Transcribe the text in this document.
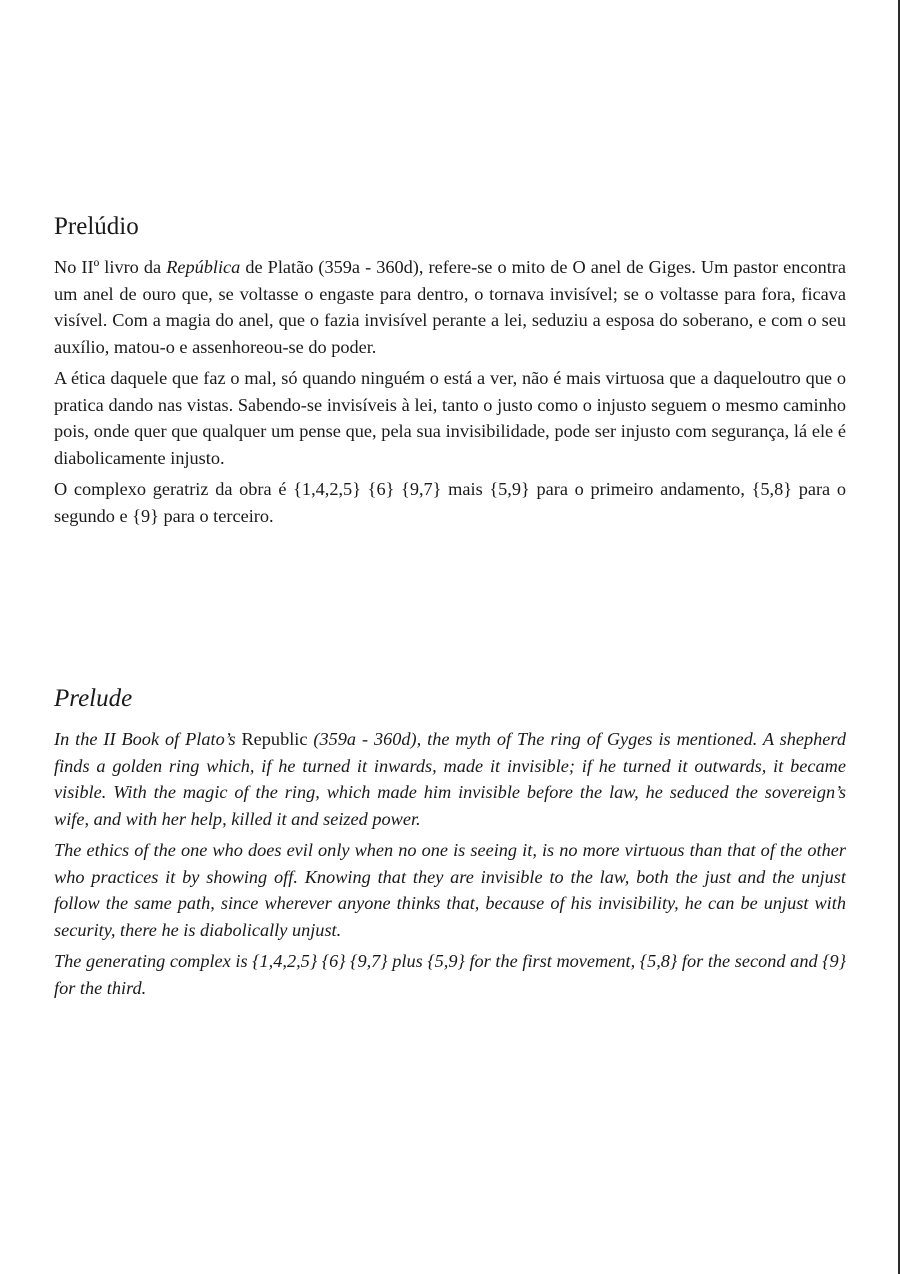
Prelúdio

No IIº livro da República de Platão (359a - 360d), refere-se o mito de O anel de Giges. Um pastor encontra um anel de ouro que, se voltasse o engaste para dentro, o tornava invisível; se o voltasse para fora, ficava visível. Com a magia do anel, que o fazia invisível perante a lei, seduziu a esposa do soberano, e com o seu auxílio, matou-o e assenhoreou-se do poder.

A ética daquele que faz o mal, só quando ninguém o está a ver, não é mais virtuosa que a daqueloutro que o pratica dando nas vistas. Sabendo-se invisíveis à lei, tanto o justo como o injusto seguem o mesmo caminho pois, onde quer que qualquer um pense que, pela sua invisibilidade, pode ser injusto com segurança, lá ele é diabolicamente injusto.

O complexo geratriz da obra é {1,4,2,5} {6} {9,7} mais {5,9} para o primeiro andamento, {5,8} para o segundo e {9} para o terceiro.

Prelude

In the II Book of Plato’s Republic (359a - 360d), the myth of The ring of Gyges is mentioned. A shepherd finds a golden ring which, if he turned it inwards, made it invisible; if he turned it outwards, it became visible. With the magic of the ring, which made him invisible before the law, he seduced the sovereign’s wife, and with her help, killed it and seized power.

The ethics of the one who does evil only when no one is seeing it, is no more virtuous than that of the other who practices it by showing off. Knowing that they are invisible to the law, both the just and the unjust follow the same path, since wherever anyone thinks that, because of his invisibility, he can be unjust with security, there he is diabolically unjust.

The generating complex is {1,4,2,5} {6} {9,7} plus {5,9} for the first movement, {5,8} for the second and {9} for the third.
